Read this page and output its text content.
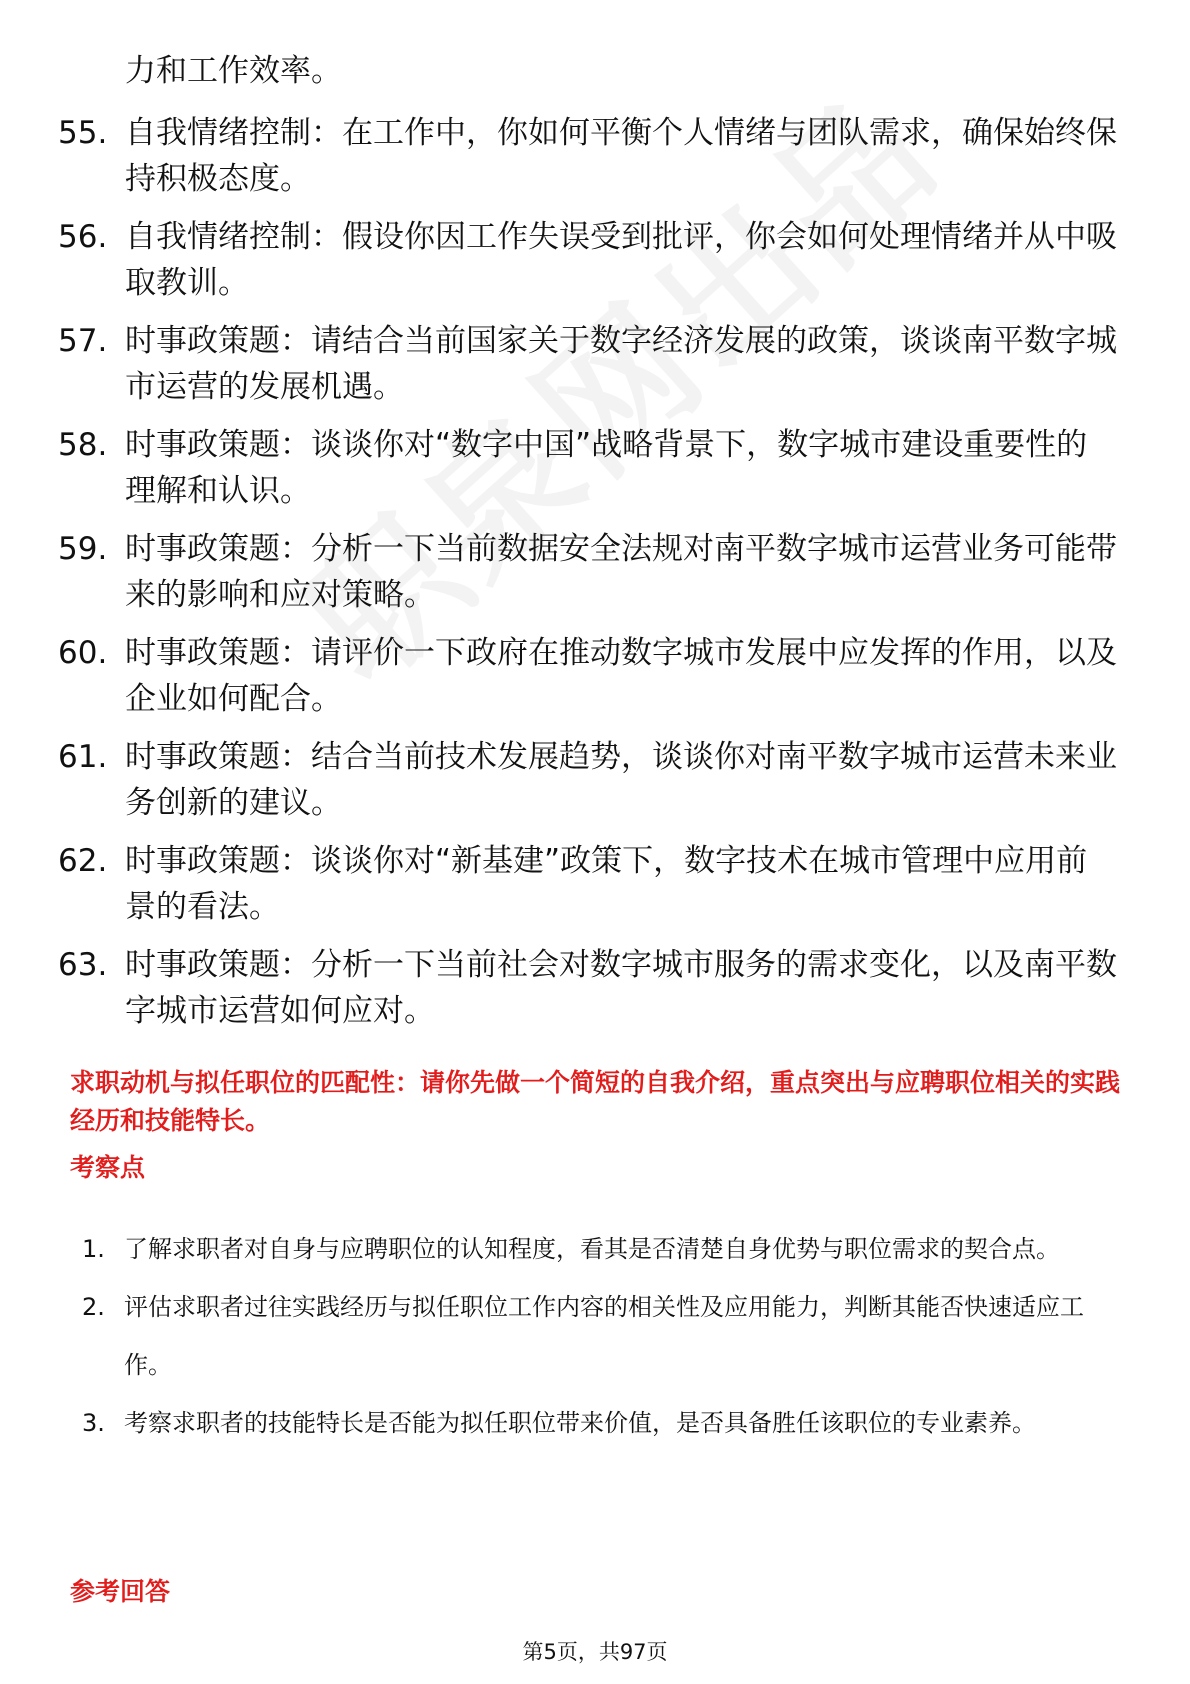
力和工作效率。
55. 自我情绪控制：在工作中，你如何平衡个人情绪与团队需求，确保始终保持积极态度。
56. 自我情绪控制：假设你因工作失误受到批评，你会如何处理情绪并从中吸取教训。
57. 时事政策题：请结合当前国家关于数字经济发展的政策，谈谈南平数字城市运营的发展机遇。
58. 时事政策题：谈谈你对“数字中国”战略背景下，数字城市建设重要性的理解和认识。
59. 时事政策题：分析一下当前数据安全法规对南平数字城市运营业务可能带来的影响和应对策略。
60. 时事政策题：请评价一下政府在推动数字城市发展中应发挥的作用，以及企业如何配合。
61. 时事政策题：结合当前技术发展趋势，谈谈你对南平数字城市运营未来业务创新的建议。
62. 时事政策题：谈谈你对“新基建”政策下，数字技术在城市管理中应用前景的看法。
63. 时事政策题：分析一下当前社会对数字城市服务的需求变化，以及南平数字城市运营如何应对。
求职动机与拟任职位的匹配性：请你先做一个简短的自我介绍，重点突出与应聘职位相关的实践经历和技能特长。
考察点
1. 了解求职者对自身与应聘职位的认知程度，看其是否清楚自身优势与职位需求的契合点。
2. 评估求职者过往实践经历与拟任职位工作内容的相关性及应用能力，判断其能否快速适应工作。
3. 考察求职者的技能特长是否能为拟任职位带来价值，是否具备胜任该职位的专业素养。
参考回答
第5页，共97页
